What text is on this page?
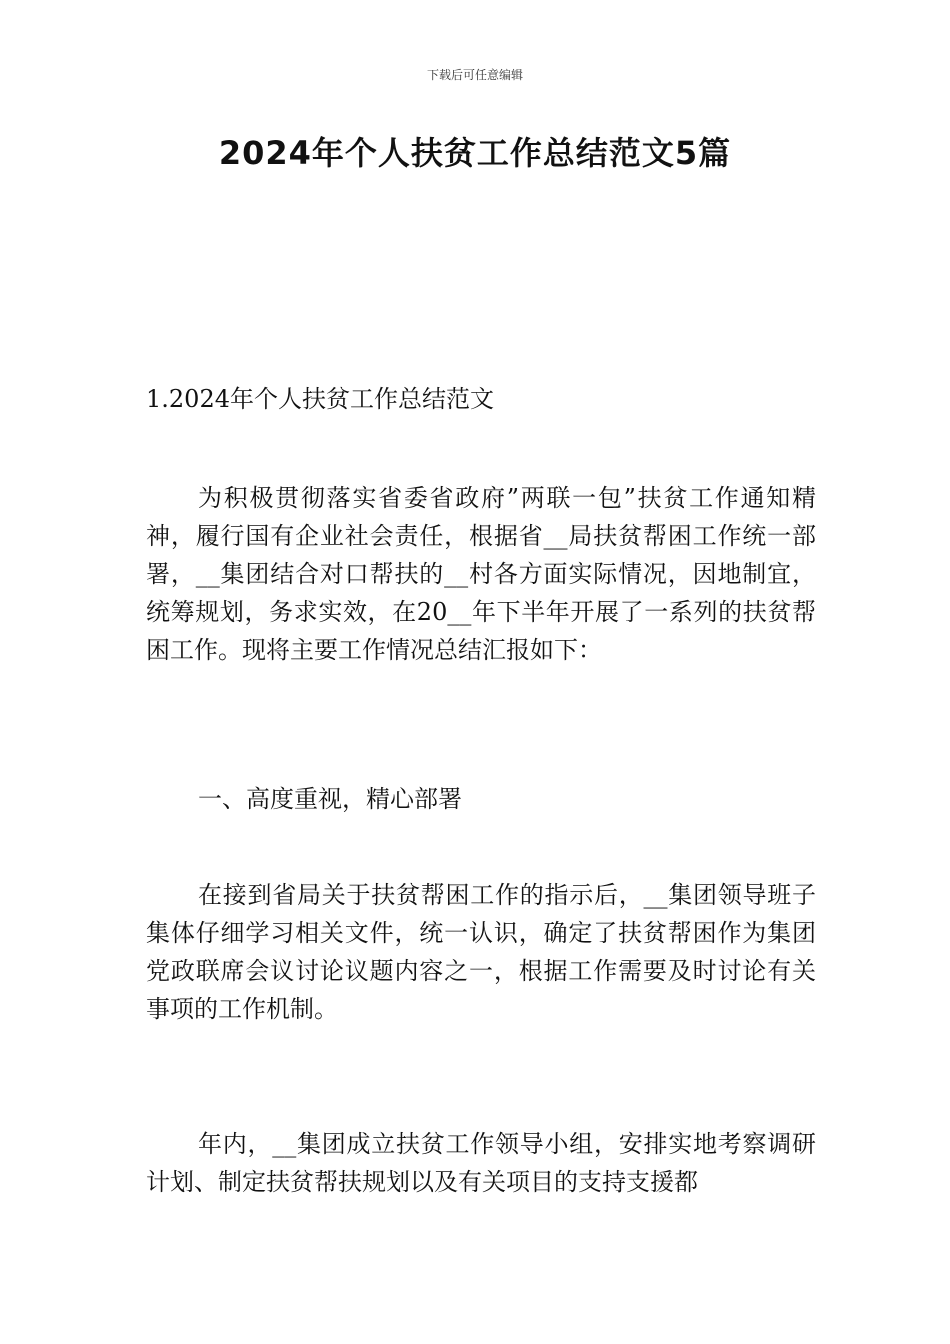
下载后可任意编辑
2024年个人扶贫工作总结范文5篇
1.2024年个人扶贫工作总结范文

为积极贯彻落实省委省政府”两联一包”扶贫工作通知精神，履行国有企业社会责任，根据省__局扶贫帮困工作统一部署，__集团结合对口帮扶的__村各方面实际情况，因地制宜，统筹规划，务求实效，在20__年下半年开展了一系列的扶贫帮困工作。现将主要工作情况总结汇报如下：

一、高度重视，精心部署

在接到省局关于扶贫帮困工作的指示后，__集团领导班子集体仔细学习相关文件，统一认识，确定了扶贫帮困作为集团党政联席会议讨论议题内容之一，根据工作需要及时讨论有关事项的工作机制。

年内，__集团成立扶贫工作领导小组，安排实地考察调研计划、制定扶贫帮扶规划以及有关项目的支持支援都
